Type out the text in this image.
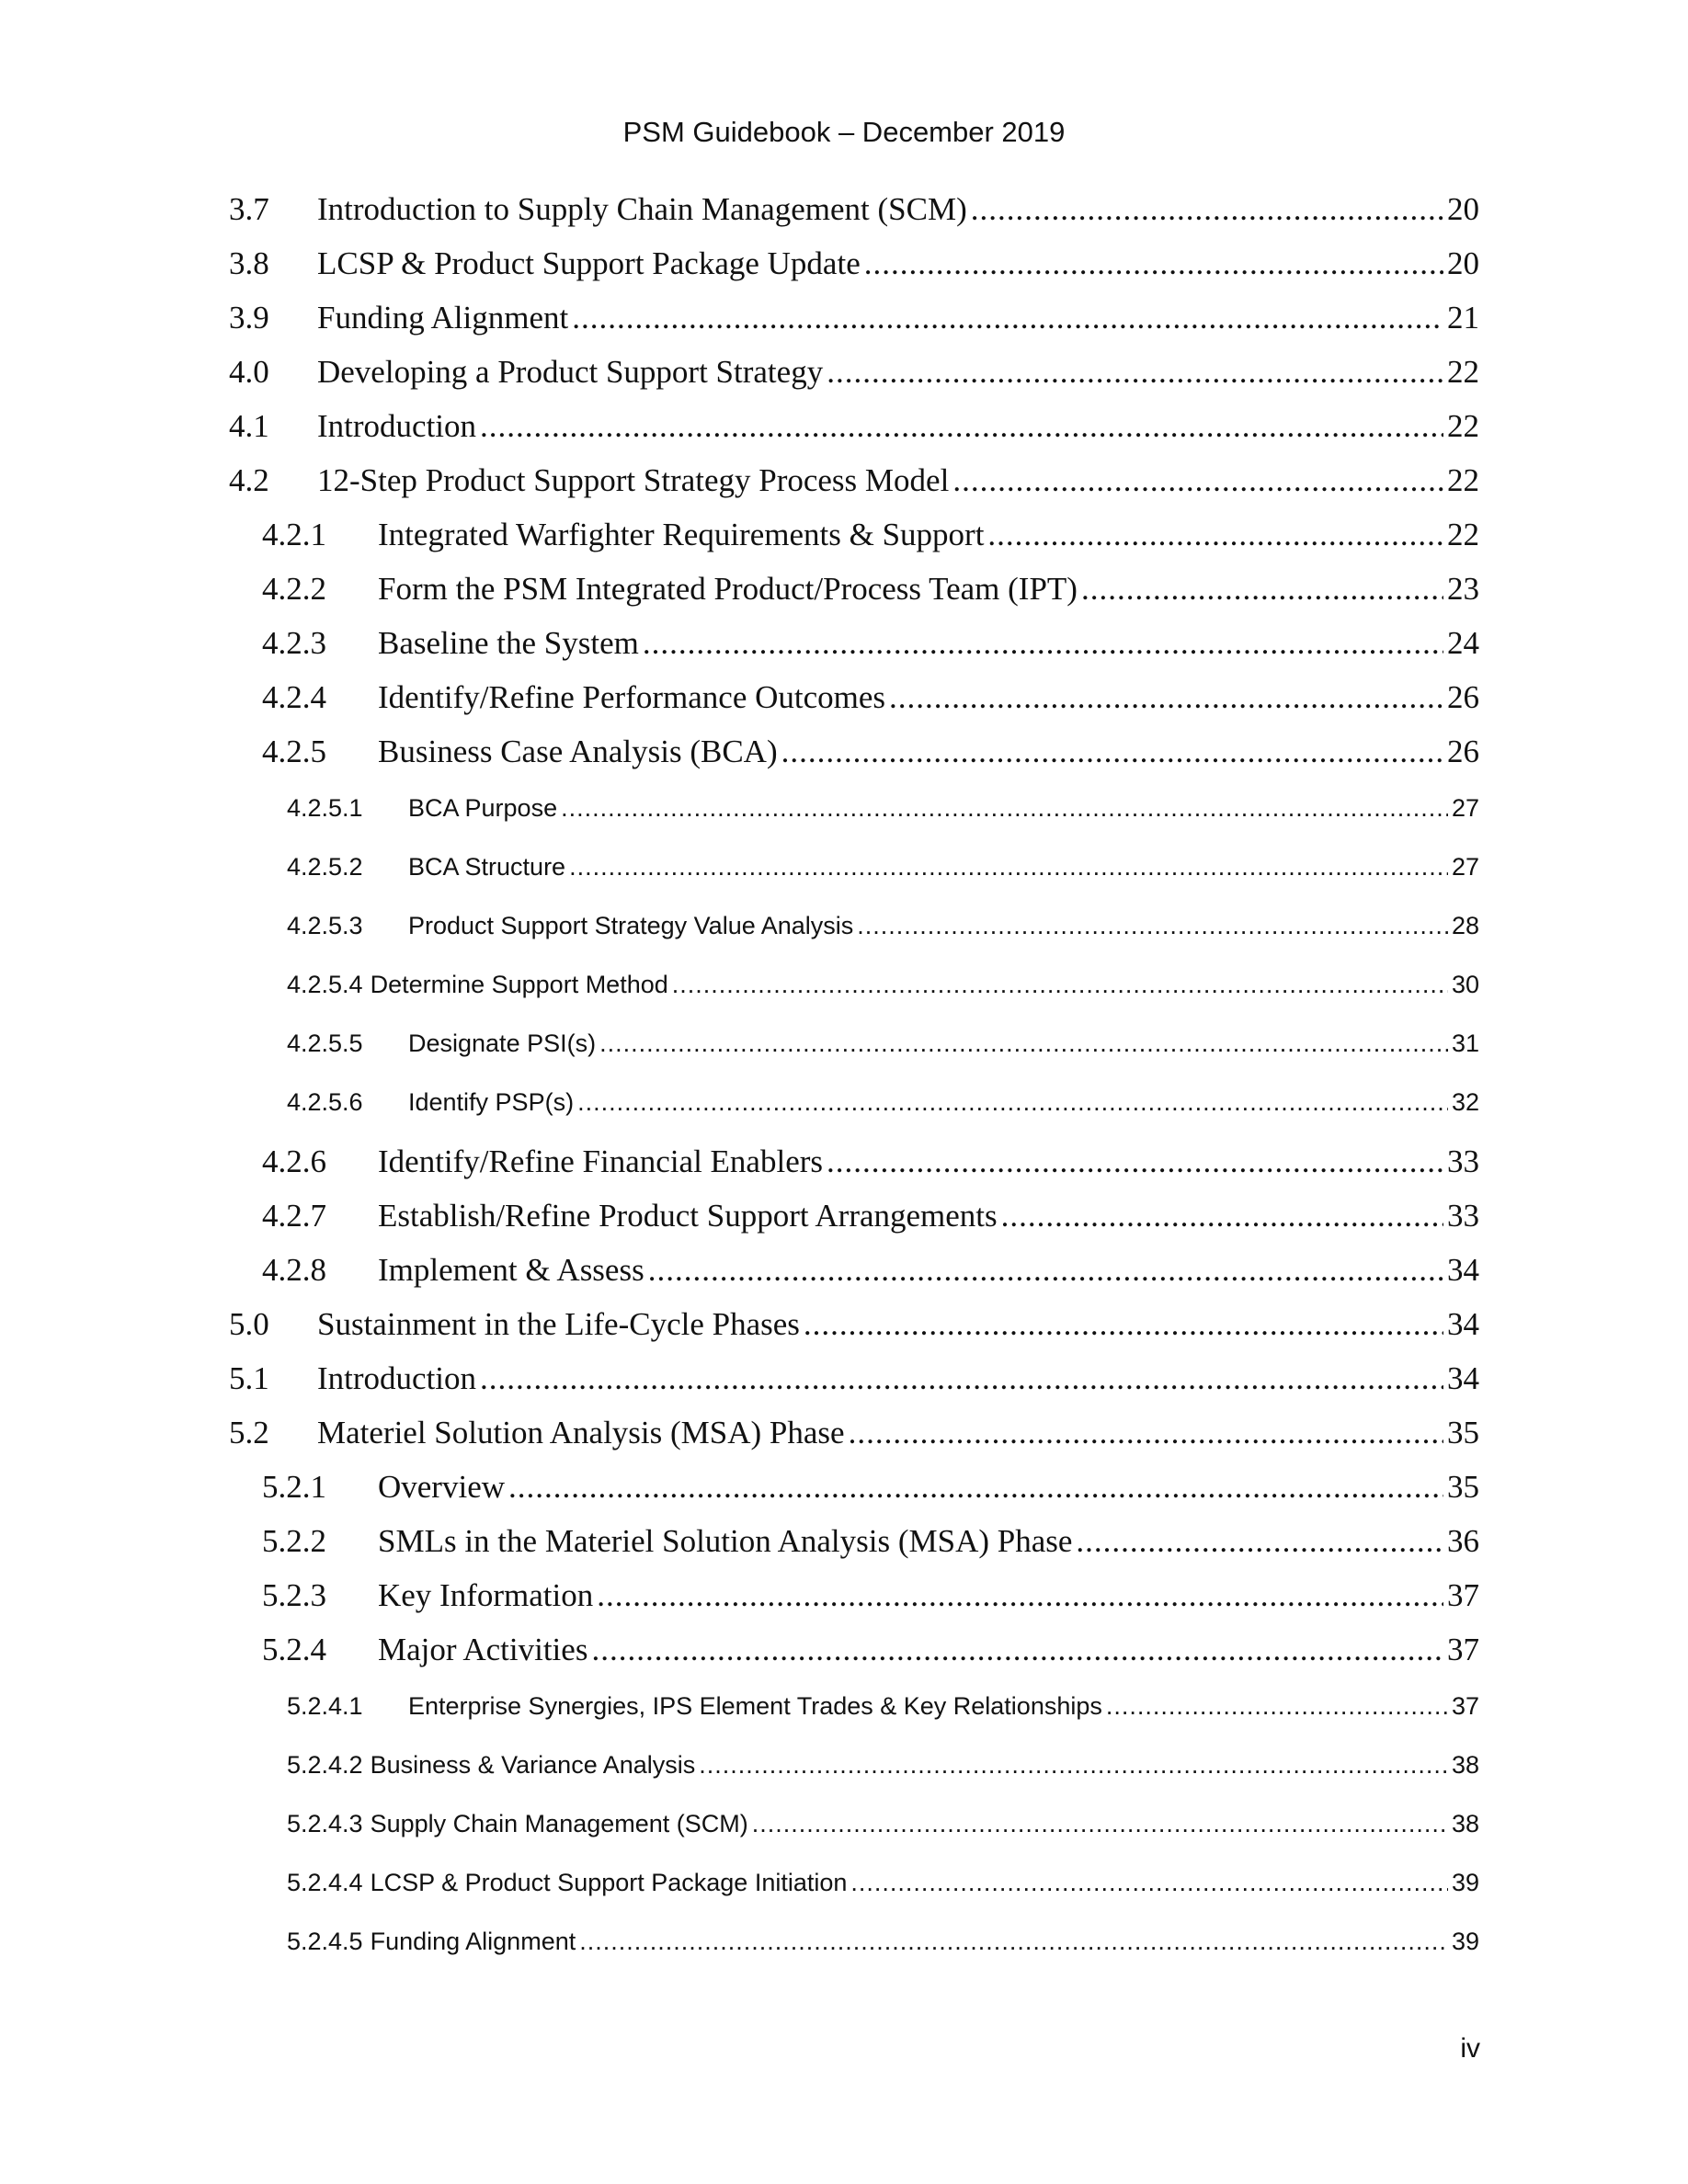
PSM Guidebook – December 2019
3.7	Introduction to Supply Chain Management (SCM) .....	20
3.8	LCSP & Product Support Package Update .....	20
3.9	Funding Alignment .....	21
4.0	Developing a Product Support Strategy .....	22
4.1	Introduction .....	22
4.2	12-Step Product Support Strategy Process Model .....	22
4.2.1	Integrated Warfighter Requirements & Support .....	22
4.2.2	Form the PSM Integrated Product/Process Team (IPT) .....	23
4.2.3	Baseline the System .....	24
4.2.4	Identify/Refine Performance Outcomes .....	26
4.2.5	Business Case Analysis (BCA) .....	26
4.2.5.1	BCA Purpose .....	27
4.2.5.2	BCA Structure .....	27
4.2.5.3	Product Support Strategy Value Analysis .....	28
4.2.5.4 Determine Support Method .....	30
4.2.5.5	Designate PSI(s) .....	31
4.2.5.6	Identify PSP(s) .....	32
4.2.6	Identify/Refine Financial Enablers .....	33
4.2.7	Establish/Refine Product Support Arrangements .....	33
4.2.8	Implement & Assess .....	34
5.0	Sustainment in the Life-Cycle Phases .....	34
5.1	Introduction .....	34
5.2	Materiel Solution Analysis (MSA) Phase .....	35
5.2.1	Overview .....	35
5.2.2	SMLs in the Materiel Solution Analysis (MSA) Phase .....	36
5.2.3	Key Information .....	37
5.2.4	Major Activities .....	37
5.2.4.1	Enterprise Synergies, IPS Element Trades & Key Relationships .....	37
5.2.4.2 Business & Variance Analysis .....	38
5.2.4.3 Supply Chain Management (SCM) .....	38
5.2.4.4 LCSP & Product Support Package Initiation .....	39
5.2.4.5 Funding Alignment .....	39
iv
